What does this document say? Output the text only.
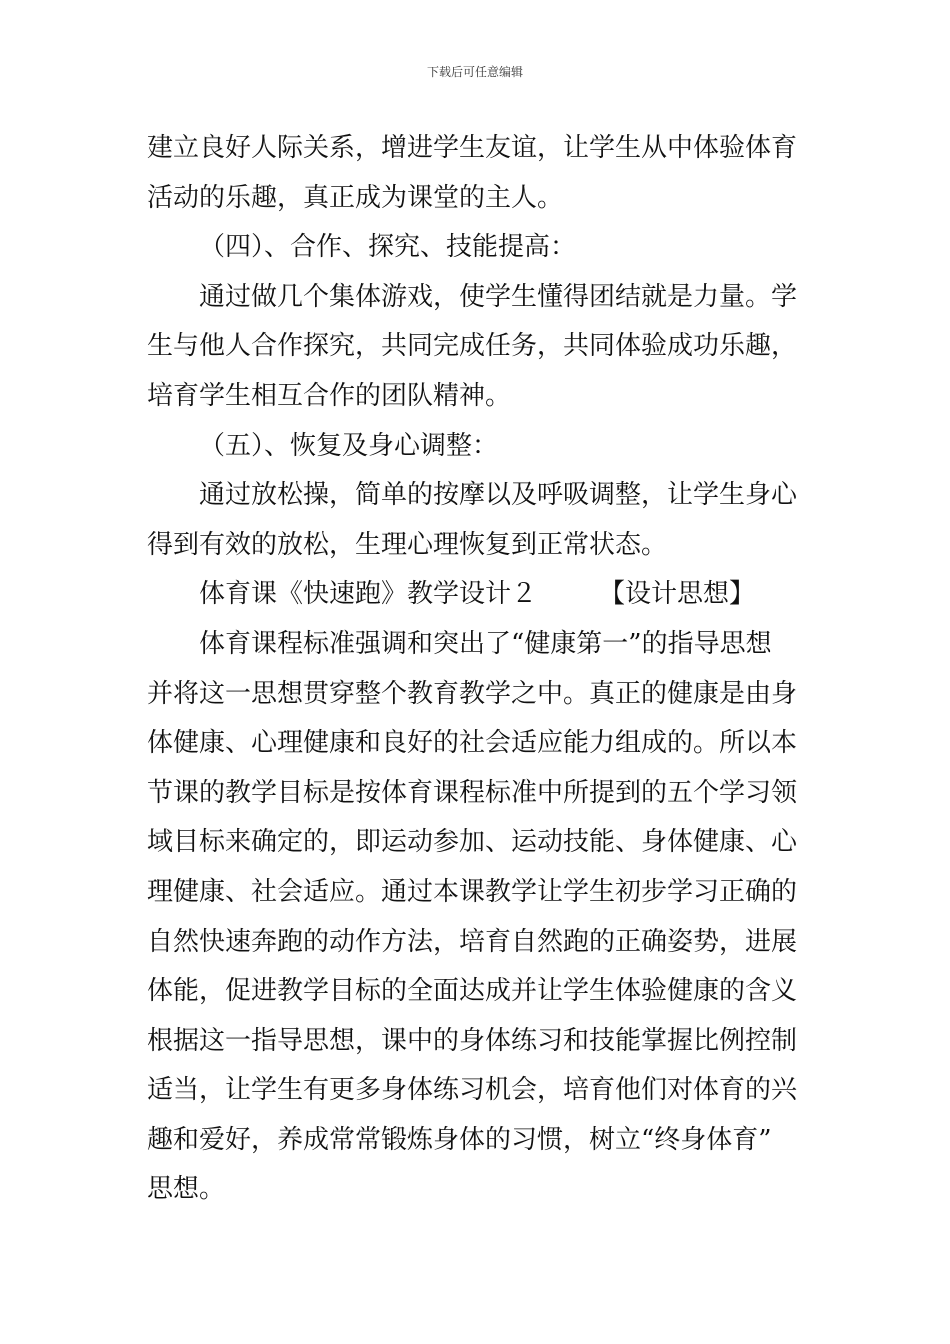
下载后可任意编辑
建立良好人际关系，增进学生友谊，让学生从中体验体育
活动的乐趣，真正成为课堂的主人。
（四）、合作、探究、技能提高：
通过做几个集体游戏，使学生懂得团结就是力量。学
生与他人合作探究，共同完成任务，共同体验成功乐趣，
培育学生相互合作的团队精神。
（五）、恢复及身心调整：
通过放松操，简单的按摩以及呼吸调整，让学生身心
得到有效的放松，生理心理恢复到正常状态。
体育课《快速跑》教学设计２ 【设计思想】
体育课程标准强调和突出了“健康第一”的指导思想
并将这一思想贯穿整个教育教学之中。真正的健康是由身
体健康、心理健康和良好的社会适应能力组成的。所以本
节课的教学目标是按体育课程标准中所提到的五个学习领
域目标来确定的，即运动参加、运动技能、身体健康、心
理健康、社会适应。通过本课教学让学生初步学习正确的
自然快速奔跑的动作方法，培育自然跑的正确姿势，进展
体能，促进教学目标的全面达成并让学生体验健康的含义
根据这一指导思想，课中的身体练习和技能掌握比例控制
适当，让学生有更多身体练习机会，培育他们对体育的兴
趣和爱好，养成常常锻炼身体的习惯，树立“终身体育”
思想。
